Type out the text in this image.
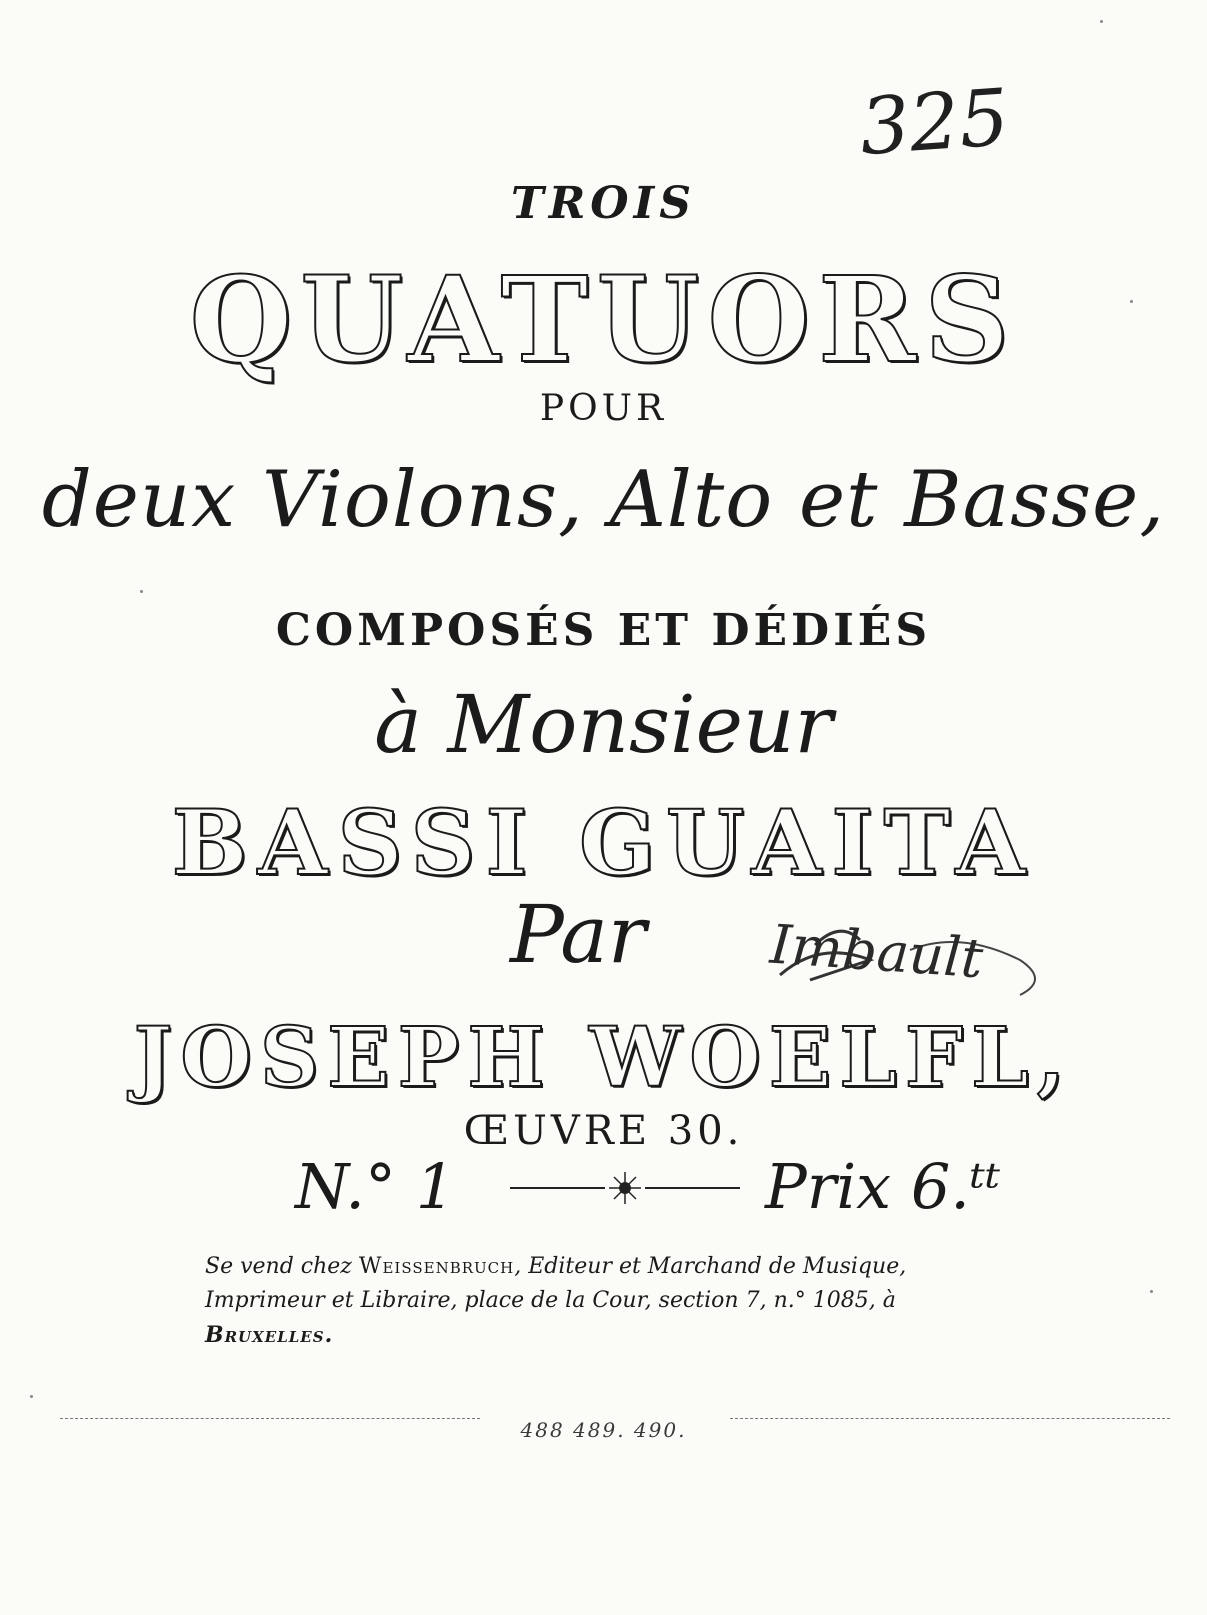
325
TROIS
QUATUORS
POUR
deux Violons, Alto et Basse,
COMPOSÉS ET DÉDIÉS
à Monsieur
BASSI GUAITA
Par Imbault
JOSEPH WOELFL,
ŒUVRE 30.
N.° 1	Prix 6.ᵗᵗ
Se vend chez Weissenbruch, Editeur et Marchand de Musique,
Imprimeur et Libraire, place de la Cour, section 7, n.° 1085, à
Bruxelles.
488 489. 490.
